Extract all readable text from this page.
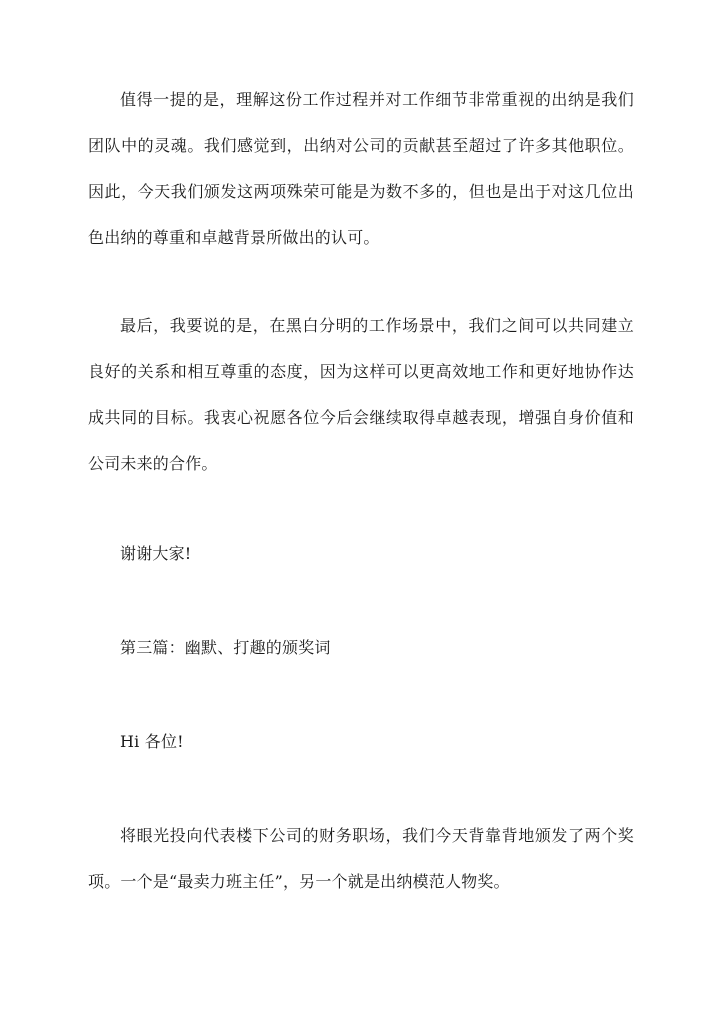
值得一提的是，理解这份工作过程并对工作细节非常重视的出纳是我们团队中的灵魂。我们感觉到，出纳对公司的贡献甚至超过了许多其他职位。因此，今天我们颁发这两项殊荣可能是为数不多的，但也是出于对这几位出色出纳的尊重和卓越背景所做出的认可。

最后，我要说的是，在黑白分明的工作场景中，我们之间可以共同建立良好的关系和相互尊重的态度，因为这样可以更高效地工作和更好地协作达成共同的目标。我衷心祝愿各位今后会继续取得卓越表现，增强自身价值和公司未来的合作。

谢谢大家!

第三篇：幽默、打趣的颁奖词

Hi 各位!

将眼光投向代表楼下公司的财务职场，我们今天背靠背地颁发了两个奖项。一个是“最卖力班主任”，另一个就是出纳模范人物奖。
